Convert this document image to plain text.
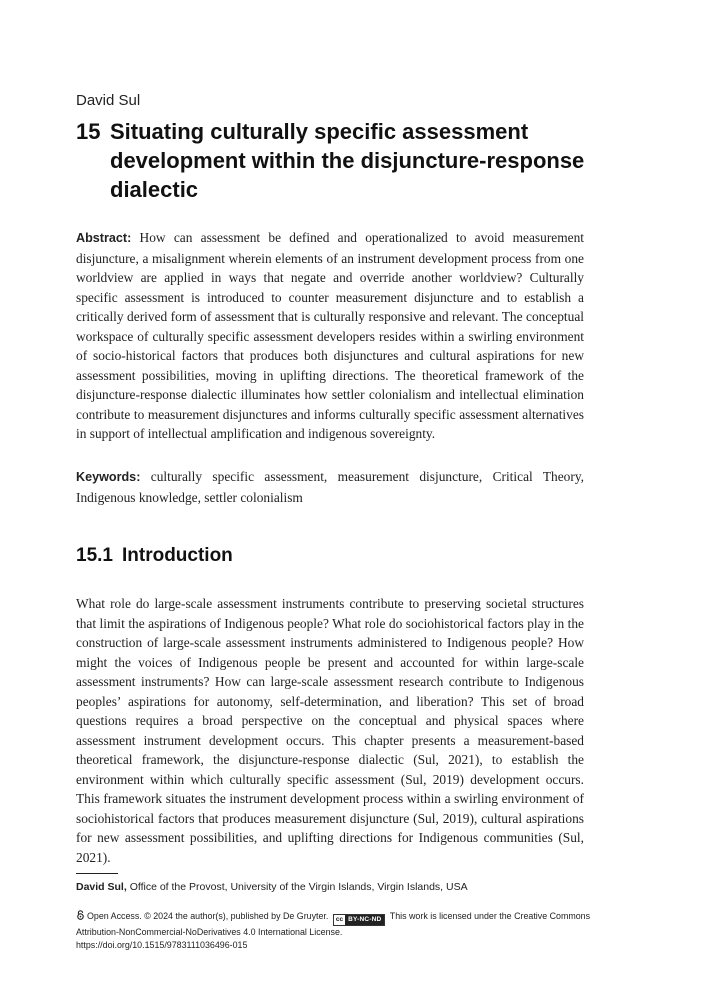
David Sul
15 Situating culturally specific assessment development within the disjuncture-response dialectic
Abstract: How can assessment be defined and operationalized to avoid measurement disjuncture, a misalignment wherein elements of an instrument development process from one worldview are applied in ways that negate and override another worldview? Culturally specific assessment is introduced to counter measurement disjuncture and to establish a critically derived form of assessment that is culturally responsive and relevant. The conceptual workspace of culturally specific assessment developers resides within a swirling environment of socio-historical factors that produces both disjunctures and cultural aspirations for new assessment possibilities, moving in uplifting directions. The theoretical framework of the disjuncture-response dialectic illuminates how settler colonialism and intellectual elimination contribute to measurement disjunctures and informs culturally specific assessment alternatives in support of intellectual amplification and indigenous sovereignty.
Keywords: culturally specific assessment, measurement disjuncture, Critical Theory, Indigenous knowledge, settler colonialism
15.1 Introduction
What role do large-scale assessment instruments contribute to preserving societal structures that limit the aspirations of Indigenous people? What role do sociohistorical factors play in the construction of large-scale assessment instruments administered to Indigenous people? How might the voices of Indigenous people be present and accounted for within large-scale assessment instruments? How can large-scale assessment research contribute to Indigenous peoples’ aspirations for autonomy, self-determination, and liberation? This set of broad questions requires a broad perspective on the conceptual and physical spaces where assessment instrument development occurs. This chapter presents a measurement-based theoretical framework, the disjuncture-response dialectic (Sul, 2021), to establish the environment within which culturally specific assessment (Sul, 2019) development occurs. This framework situates the instrument development process within a swirling environment of sociohistorical factors that produces measurement disjuncture (Sul, 2019), cultural aspirations for new assessment possibilities, and uplifting directions for Indigenous communities (Sul, 2021).
David Sul, Office of the Provost, University of the Virgin Islands, Virgin Islands, USA
Open Access. © 2024 the author(s), published by De Gruyter.	cc BY-NC-ND This work is licensed under the Creative Commons Attribution-NonCommercial-NoDerivatives 4.0 International License.
https://doi.org/10.1515/9783111036496-015
